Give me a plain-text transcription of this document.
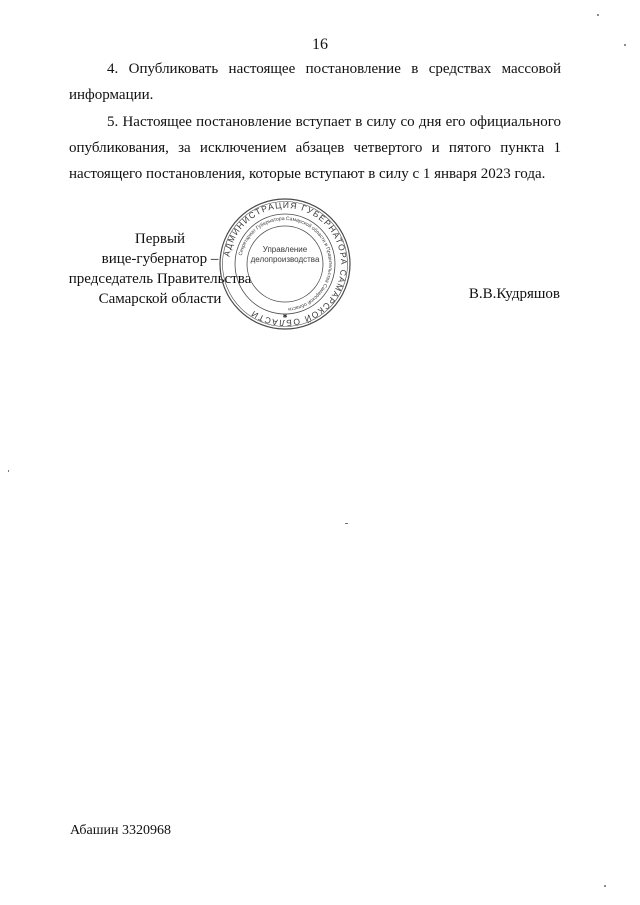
16

4. Опубликовать настоящее постановление в средствах массовой информации.

5. Настоящее постановление вступает в силу со дня его официального опубликования, за исключением абзацев четвертого и пятого пункта 1 настоящего постановления, которые вступают в силу с 1 января 2023 года.

Первый
вице-губернатор –
председатель Правительства
Самарской области	В.В.Кудряшов
АДМИНИСТРАЦИЯ ГУБЕРНАТОРА САМАРСКОЙ ОБЛАСТИ
Секретариат Губернатора Самарской области и Правительства Самарской области
✱
Управление
делопроизводства
Абашин 3320968
